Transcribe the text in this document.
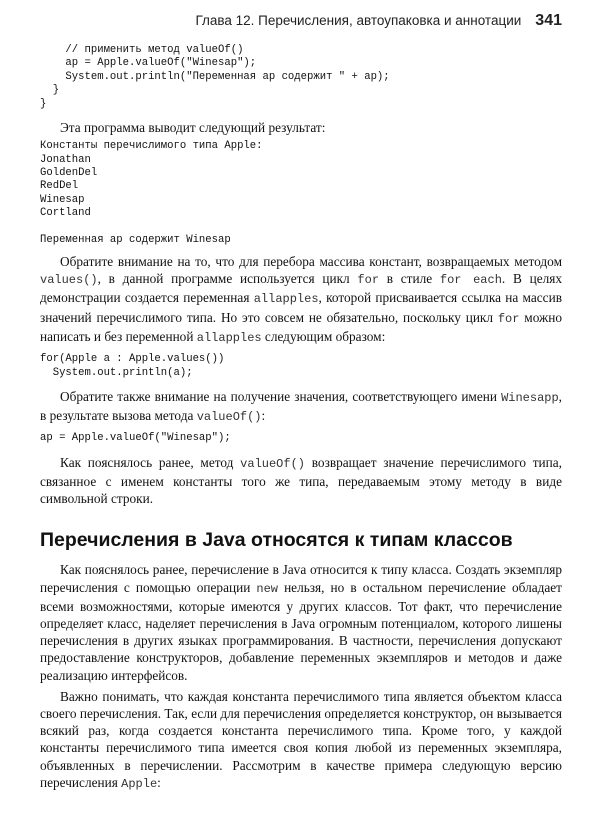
Глава 12. Перечисления, автоупаковка и аннотации 341
// применить метод valueOf()
ap = Apple.valueOf("Winesap");
System.out.println("Переменная ap содержит " + ap);
}
}

Эта программа выводит следующий результат:

Константы перечислимого типа Apple:
Jonathan
GoldenDel
RedDel
Winesap
Cortland
Переменная ap содержит Winesap

Обратите внимание на то, что для перебора массива констант, возвращаемых методом values(), в данной программе используется цикл for в стиле for each. В целях демонстрации создается переменная allapples, которой присваивается ссылка на массив значений перечислимого типа. Но это совсем не обязательно, поскольку цикл for можно написать и без переменной allapples следующим образом:

for(Apple a : Apple.values())
System.out.println(a);

Обратите также внимание на получение значения, соответствующего имени Winesapp, в результате вызова метода valueOf():

ap = Apple.valueOf("Winesap");

Как пояснялось ранее, метод valueOf() возвращает значение перечислимого типа, связанное с именем константы того же типа, передаваемым этому методу в виде символьной строки.

Перечисления в Java относятся к типам классов

Как пояснялось ранее, перечисление в Java относится к типу класса. Создать экземпляр перечисления с помощью операции new нельзя, но в остальном перечисление обладает всеми возможностями, которые имеются у других классов. Тот факт, что перечисление определяет класс, наделяет перечисления в Java огромным потенциалом, которого лишены перечисления в других языках программирования. В частности, перечисления допускают предоставление конструкторов, добавление переменных экземпляров и методов и даже реализацию интерфейсов.

Важно понимать, что каждая константа перечислимого типа является объектом класса своего перечисления. Так, если для перечисления определяется конструктор, он вызывается всякий раз, когда создается константа перечислимого типа. Кроме того, у каждой константы перечислимого типа имеется своя копия любой из переменных экземпляра, объявленных в перечислении. Рассмотрим в качестве примера следующую версию перечисления Apple:
